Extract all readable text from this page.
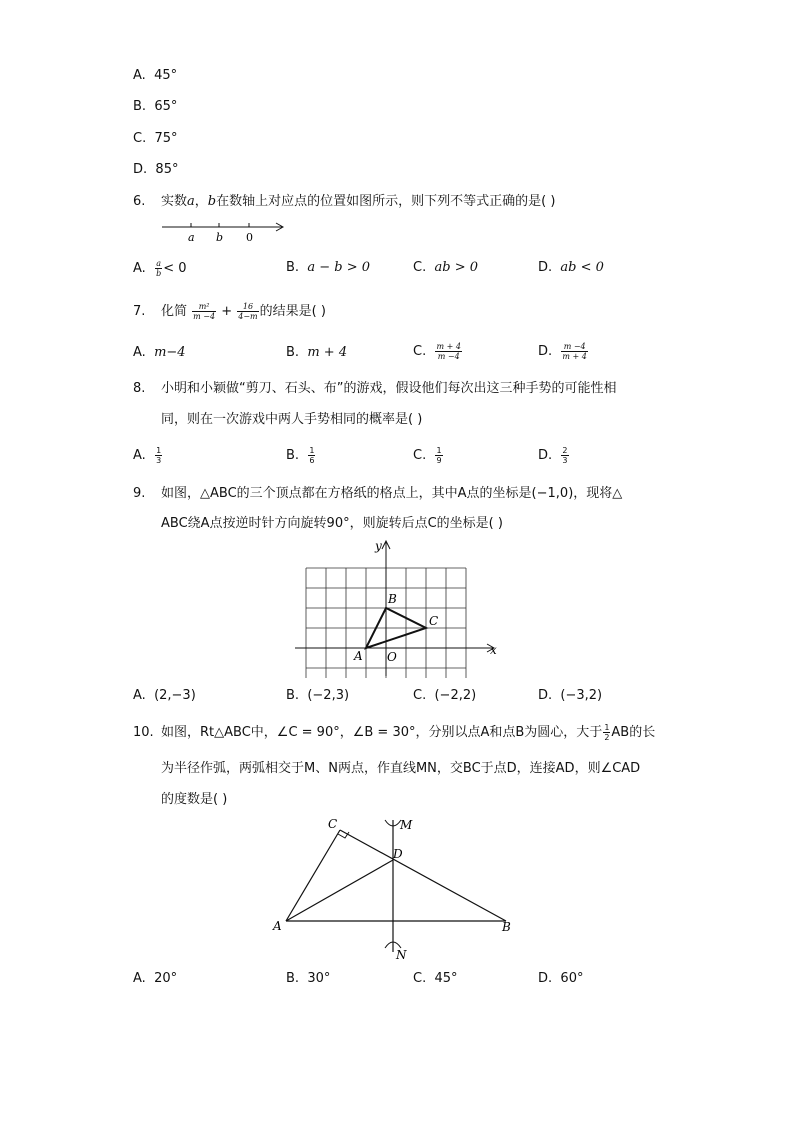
A. 45°
B. 65°
C. 75°
D. 85°
6. 实数a，b在数轴上对应点的位置如图所示，则下列不等式正确的是( )
a b 0
A. $\frac{a}{b} < 0$	B. a − b > 0	C. ab > 0	D. ab < 0
7. 化简 $\frac{\text{m²}}{m -4} + \frac{16}{4-m}$ 的结果是( )
A. m−4	B. m + 4	C. $\frac{m + 4}{m -4}$	D. $\frac{m -4}{m + 4}$
8. 小明和小颖做“剪刀、石头、布”的游戏，假设他们每次出这三种手势的可能性相
同，则在一次游戏中两人手势相同的概率是( )
A. $\frac{1}{3}$	B. $\frac{1}{6}$	C. $\frac{1}{9}$	D. $\frac{2}{3}$
9. 如图，△ABC的三个顶点都在方格纸的格点上，其中A点的坐标是(−1,0)，现将△
ABC绕A点按逆时针方向旋转90°，则旋转后点C的坐标是( )
y
x
A
B
C
O
A. (2,−3)	B. (−2,3)	C. (−2,2)	D. (−3,2)
10. 如图，Rt△ABC中，∠C = 90°，∠B = 30°，分别以点A和点B为圆心，大于 $\frac{1}{2}$ AB的长
为半径作弧，两弧相交于M、N两点，作直线MN，交BC于点D，连接AD，则∠CAD
的度数是( )
A	B
C
D
M
N
A. 20°	B. 30°	C. 45°	D. 60°
